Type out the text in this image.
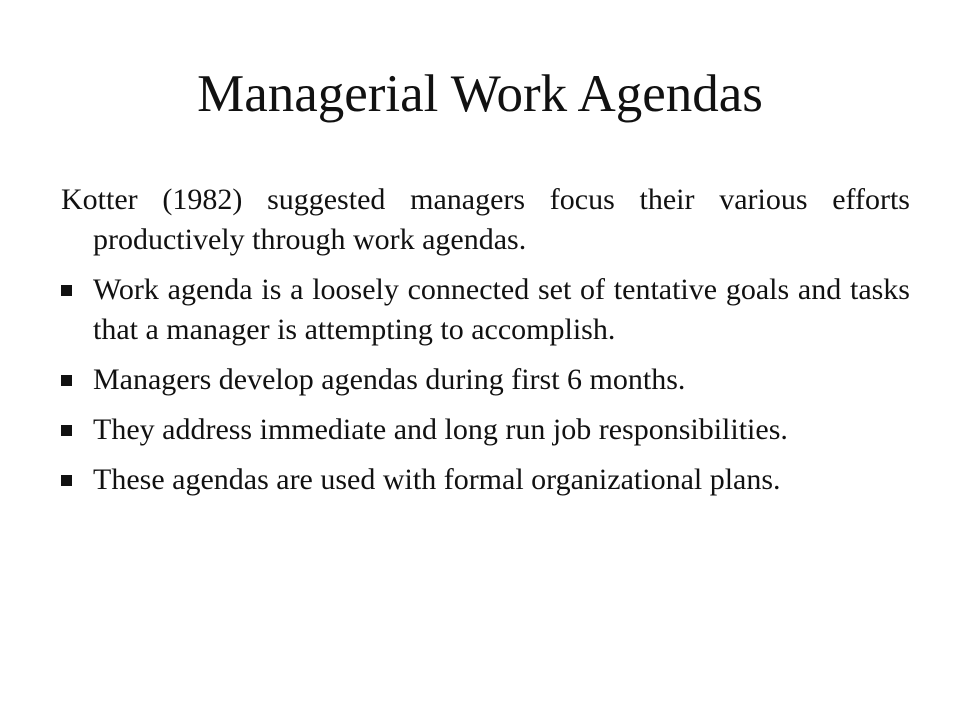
Managerial Work Agendas

Kotter (1982) suggested managers focus their various efforts productively through work agendas.

Work agenda is a loosely connected set of tentative goals and tasks that a manager is attempting to accomplish.
Managers develop agendas during first 6 months.
They address immediate and long run job responsibilities.
These agendas are used with formal organizational plans.
